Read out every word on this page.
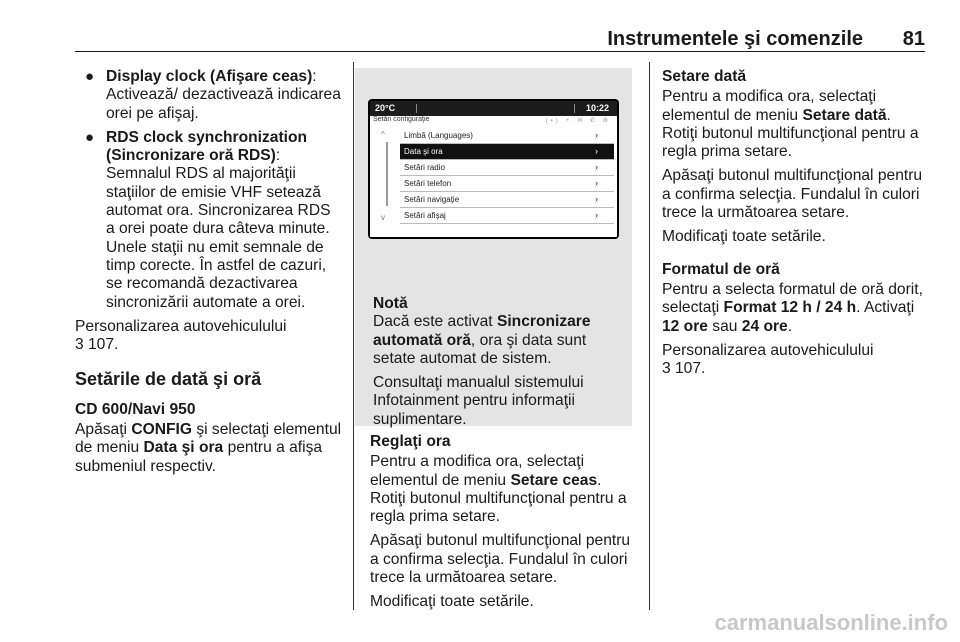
Instrumentele şi comenzile 81
● Display clock (Afişare ceas):
Activează/ dezactivează indicarea orei pe afişaj.
● RDS clock synchronization (Sincronizare oră RDS):
Semnalul RDS al majorităţii staţiilor de emisie VHF setează automat ora. Sincronizarea RDS a orei poate dura câteva minute. Unele staţii nu emit semnale de timp corecte. În astfel de cazuri, se recomandă dezactivarea sincronizării automate a orei.

Personalizarea autovehiculului
3 107.

Setările de dată şi oră
CD 600/Navi 950

Apăsaţi CONFIG şi selectaţi elementul de meniu Data şi ora pentru a afişa submeniul respectiv.

20°C	10:22
Setări configuraţie	(▪) ⚡ ✉ ✆ ⚙
^
v
Limbă (Languages)	›
Data şi ora	›
Setări radio	›
Setări telefon	›
Setări navigaţie	›
Setări afişaj	›
Notă

Dacă este activat Sincronizare automată oră, ora şi data sunt setate automat de sistem.

Consultaţi manualul sistemului Infotainment pentru informaţii suplimentare.

Reglaţi ora

Pentru a modifica ora, selectaţi elementul de meniu Setare ceas.
Rotiţi butonul multifuncţional pentru a regla prima setare.

Apăsaţi butonul multifuncţional pentru a confirma selecţia. Fundalul în culori trece la următoarea setare.

Modificaţi toate setările.

Setare dată

Pentru a modifica ora, selectaţi elementul de meniu Setare dată.
Rotiţi butonul multifuncţional pentru a regla prima setare.

Apăsaţi butonul multifuncţional pentru a confirma selecţia. Fundalul în culori trece la următoarea setare.

Modificaţi toate setările.

Formatul de oră

Pentru a selecta formatul de oră dorit, selectaţi Format 12 h / 24 h. Activaţi 12 ore sau 24 ore.

Personalizarea autovehiculului
3 107.

carmanualsonline.info
